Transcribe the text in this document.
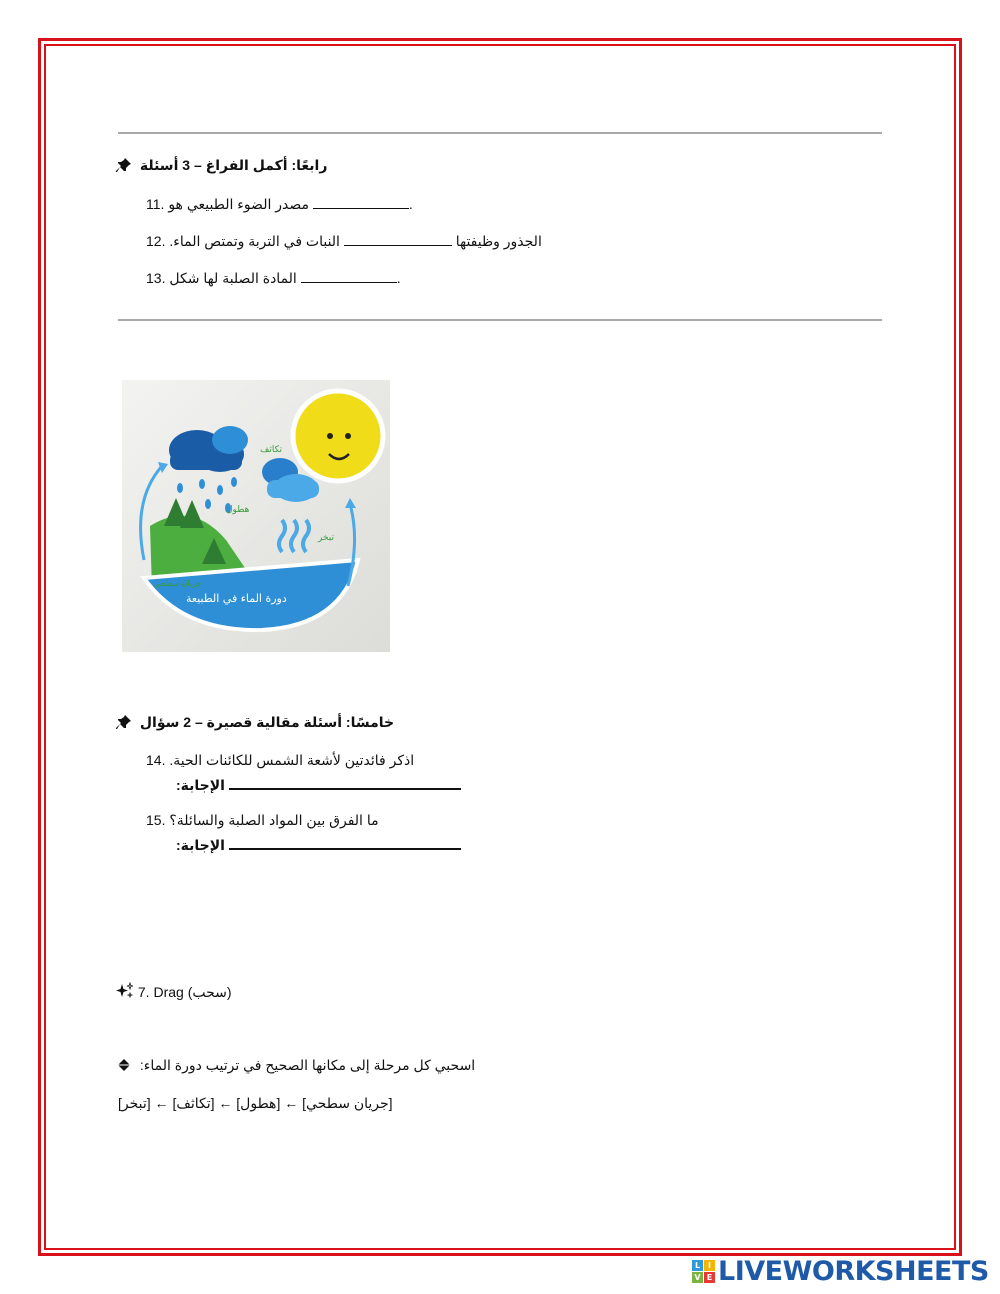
رابعًا: أكمل الفراغ – 3 أسئلة
11. مصدر الضوء الطبيعي هو	.
12. النبات في التربة وتمتص الماء.	الجذور وظيفتها
13. المادة الصلبة لها شكل	.
تكاثف
تبخر
هطول
جريان سطحي
دورة الماء في الطبيعة
خامسًا: أسئلة مقالية قصيرة – 2 سؤال
14. اذكر فائدتين لأشعة الشمس للكائنات الحية.
الإجابة:
15. ما الفرق بين المواد الصلبة والسائلة؟
الإجابة:
7. Drag (سحب)
اسحبي كل مرحلة إلى مكانها الصحيح في ترتيب دورة الماء:
[جريان سطحي] ← [هطول] ← [تكاثف] ← [تبخر]
L I
V E LIVEWORKSHEETS
